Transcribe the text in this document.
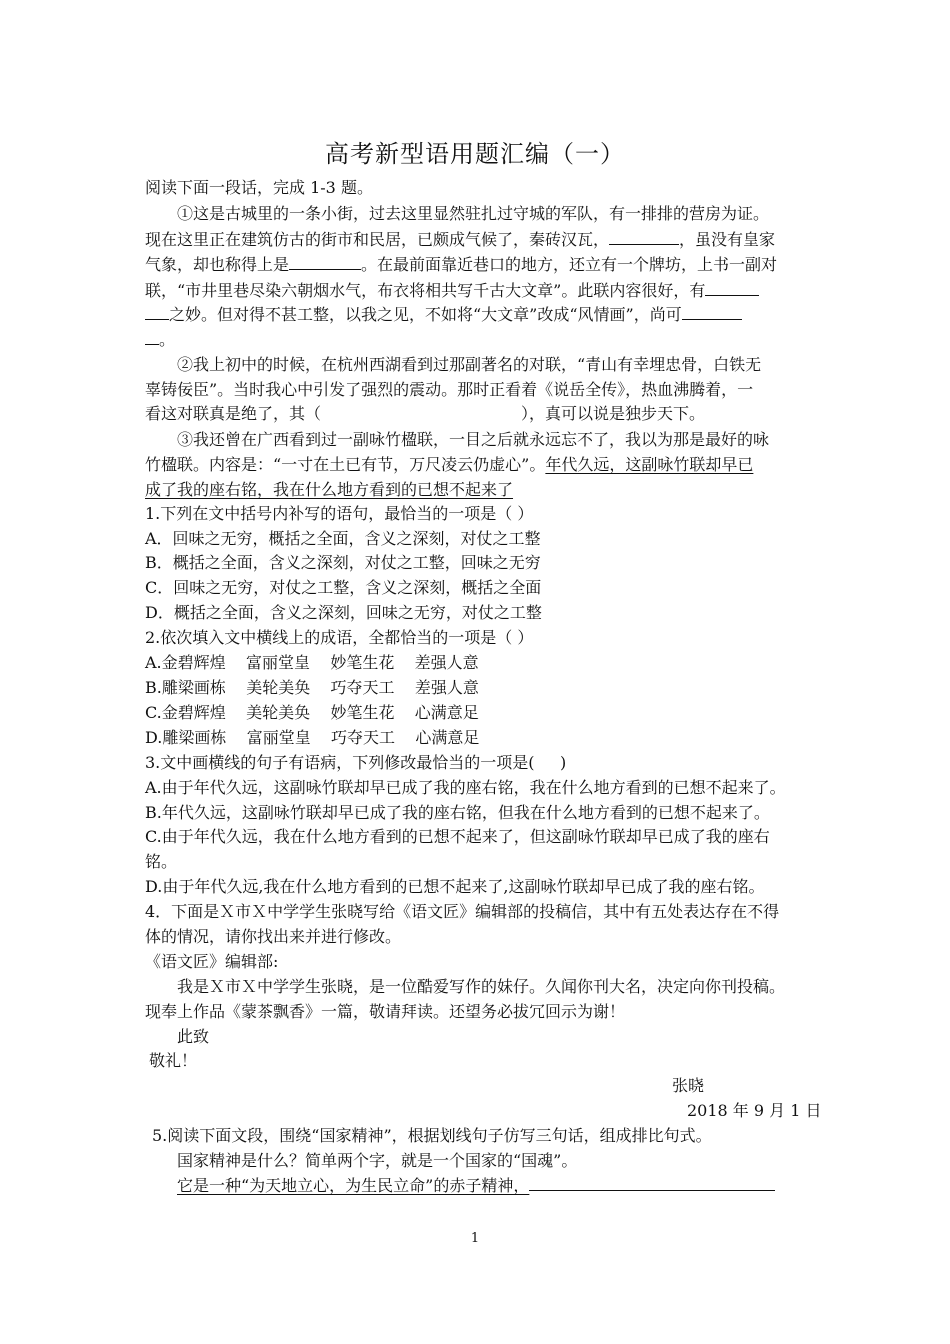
高考新型语用题汇编（一）
阅读下面一段话，完成 1-3 题。
①这是古城里的一条小街，过去这里显然驻扎过守城的军队，有一排排的营房为证。
现在这里正在建筑仿古的街市和民居，已颇成气候了，秦砖汉瓦，	，虽没有皇家
气象，却也称得上是	。在最前面靠近巷口的地方，还立有一个牌坊，上书一副对
联，“市井里巷尽染六朝烟水气，布衣将相共写千古大文章”。此联内容很好，有
之妙。但对得不甚工整，以我之见，不如将“大文章”改成“风情画”，尚可
。
②我上初中的时候，在杭州西湖看到过那副著名的对联，“青山有幸埋忠骨，白铁无
辜铸佞臣”。当时我心中引发了强烈的震动。那时正看着《说岳全传》，热血沸腾着，一
看这对联真是绝了，其（	），真可以说是独步天下。
③我还曾在广西看到过一副咏竹楹联，一目之后就永远忘不了，我以为那是最好的咏
竹楹联。内容是：“一寸在土已有节，万尺凌云仍虚心”。年代久远，这副咏竹联却早已
成了我的座右铭，我在什么地方看到的已想不起来了
1.下列在文中括号内补写的语句，最恰当的一项是（ ）
A．回味之无穷，概括之全面，含义之深刻，对仗之工整
B．概括之全面，含义之深刻，对仗之工整，回味之无穷
C．回味之无穷，对仗之工整，含义之深刻，概括之全面
D．概括之全面，含义之深刻，回味之无穷，对仗之工整
2.依次填入文中横线上的成语，全都恰当的一项是（ ）
A.金碧辉煌    富丽堂皇    妙笔生花    差强人意
B.雕梁画栋    美轮美奂    巧夺天工    差强人意
C.金碧辉煌    美轮美奂    妙笔生花    心满意足
D.雕梁画栋    富丽堂皇    巧夺天工    心满意足
3.文中画横线的句子有语病，下列修改最恰当的一项是(     )
A.由于年代久远，这副咏竹联却早已成了我的座右铭，我在什么地方看到的已想不起来了。
B.年代久远，这副咏竹联却早已成了我的座右铭，但我在什么地方看到的已想不起来了。
C.由于年代久远，我在什么地方看到的已想不起来了，但这副咏竹联却早已成了我的座右
铭。
D.由于年代久远,我在什么地方看到的已想不起来了,这副咏竹联却早已成了我的座右铭。
4．下面是Ｘ市Ｘ中学学生张晓写给《语文匠》编辑部的投稿信，其中有五处表达存在不得
体的情况，请你找出来并进行修改。
《语文匠》编辑部:
我是Ｘ市Ｘ中学学生张晓，是一位酷爱写作的妹仔。久闻你刊大名，决定向你刊投稿。
现奉上作品《蒙茶飘香》一篇，敬请拜读。还望务必拔冗回示为谢！
此致
敬礼！
张晓
2018 年 9 月 1 日
5.阅读下面文段，围绕“国家精神”，根据划线句子仿写三句话，组成排比句式。
国家精神是什么？简单两个字，就是一个国家的“国魂”。
它是一种“为天地立心，为生民立命”的赤子精神，
1
